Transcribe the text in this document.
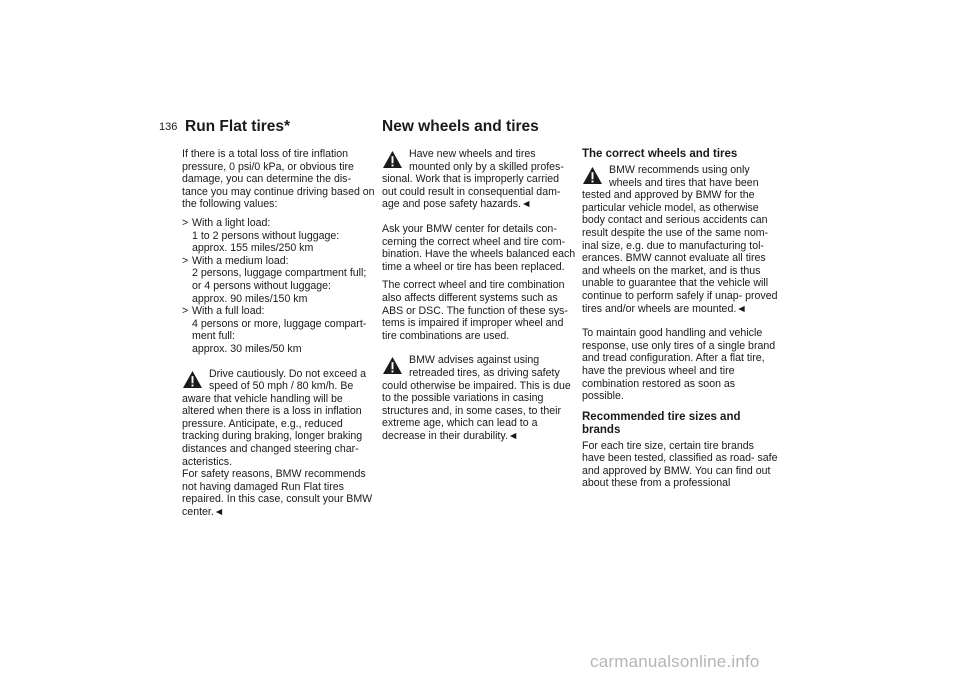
136 Run Flat tires*	New wheels and tires

If there is a total loss of tire inflation pressure, 0 psi/0 kPa, or obvious tire damage, you can determine the dis- tance you may continue driving based on the following values:

> With a light load:
1 to 2 persons without luggage:
approx. 155 miles/250 km
> With a medium load:
2 persons, luggage compartment full; or 4 persons without luggage:
approx. 90 miles/150 km
> With a full load:
4 persons or more, luggage compart- ment full:
approx. 30 miles/50 km
Drive cautiously. Do not exceed a speed of 50 mph / 80 km/h. Be aware that vehicle handling will be altered when there is a loss in inflation pressure. Anticipate, e.g., reduced tracking during braking, longer braking distances and changed steering char- acteristics.
For safety reasons, BMW recommends not having damaged Run Flat tires repaired. In this case, consult your BMW center.◄
Have new wheels and tires mounted only by a skilled profes- sional. Work that is improperly carried out could result in consequential dam- age and pose safety hazards.◄

Ask your BMW center for details con- cerning the correct wheel and tire com- bination. Have the wheels balanced each time a wheel or tire has been replaced.

The correct wheel and tire combination also affects different systems such as ABS or DSC. The function of these sys- tems is impaired if improper wheel and tire combinations are used.

BMW advises against using retreaded tires, as driving safety could otherwise be impaired. This is due to the possible variations in casing structures and, in some cases, to their extreme age, which can lead to a decrease in their durability.◄
The correct wheels and tires
BMW recommends using only wheels and tires that have been tested and approved by BMW for the particular vehicle model, as otherwise body contact and serious accidents can result despite the use of the same nom- inal size, e.g. due to manufacturing tol- erances. BMW cannot evaluate all tires and wheels on the market, and is thus unable to guarantee that the vehicle will continue to perform safely if unap- proved tires and/or wheels are mounted.◄

To maintain good handling and vehicle response, use only tires of a single brand and tread configuration. After a flat tire, have the previous wheel and tire combination restored as soon as possible.

Recommended tire sizes and brands

For each tire size, certain tire brands have been tested, classified as road- safe and approved by BMW. You can find out about these from a professional

carmanualsonline.info
